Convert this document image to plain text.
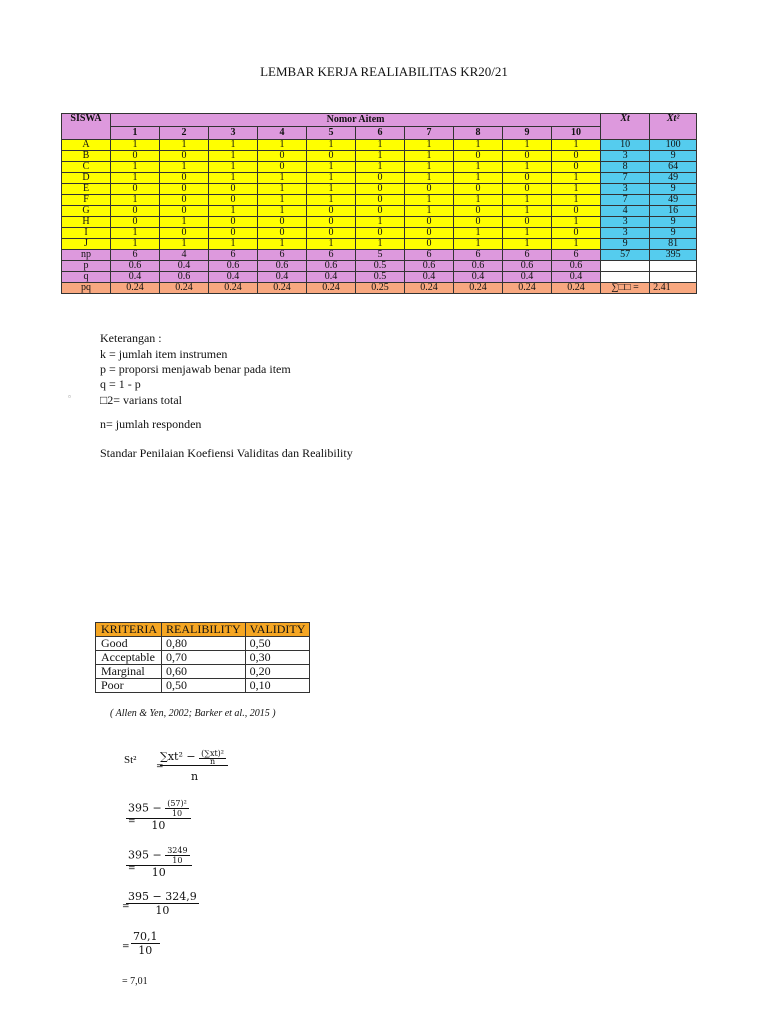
LEMBAR KERJA REALIABILITAS KR20/21
SISWA	Nomor Aitem										Xt	Xt²
	1	2	3	4	5	6	7	8	9	10		
A	1	1	1	1	1	1	1	1	1	1	10	100
B	0	0	1	0	0	1	1	0	0	0	3	9
C	1	1	1	0	1	1	1	1	1	0	8	64
D	1	0	1	1	1	0	1	1	0	1	7	49
E	0	0	0	1	1	0	0	0	0	1	3	9
F	1	0	0	1	1	0	1	1	1	1	7	49
G	0	0	1	1	0	0	1	0	1	0	4	16
H	0	1	0	0	0	1	0	0	0	1	3	9
I	1	0	0	0	0	0	0	1	1	0	3	9
J	1	1	1	1	1	1	0	1	1	1	9	81
np	6	4	6	6	6	5	6	6	6	6	57	395
p	0.6	0.4	0.6	0.6	0.6	0.5	0.6	0.6	0.6	0.6		
q	0.4	0.6	0.4	0.4	0.4	0.5	0.4	0.4	0.4	0.4		
pq	0.24	0.24	0.24	0.24	0.24	0.25	0.24	0.24	0.24	0.24	∑□□ =	2.41
Keterangan :
k = jumlah item instrumen
p = proporsi menjawab benar pada item
q = 1 - p
▫ □2= varians total
n= jumlah responden
Standar Penilaian Koefiensi Validitas dan Realibility
KRITERIA	REALIBILITY	VALIDITY
Good	0,80	0,50
Acceptable	0,70	0,30
Marginal	0,60	0,20
Poor	0,50	0,10
( Allen & Yen, 2002; Barker et al., 2015 )
St²
=
$\sum xt^2 - \frac{\text{(∑xt)²}}{n}$
n
=
$\frac{395 - \frac{\text{(57)²}}{10}}{10}$
=
$\frac{395 - \frac{3249}{10}}{10}$
=
$\frac{395 - 324,9}{10}$
= $\frac{70,1}{10}$
= 7,01
